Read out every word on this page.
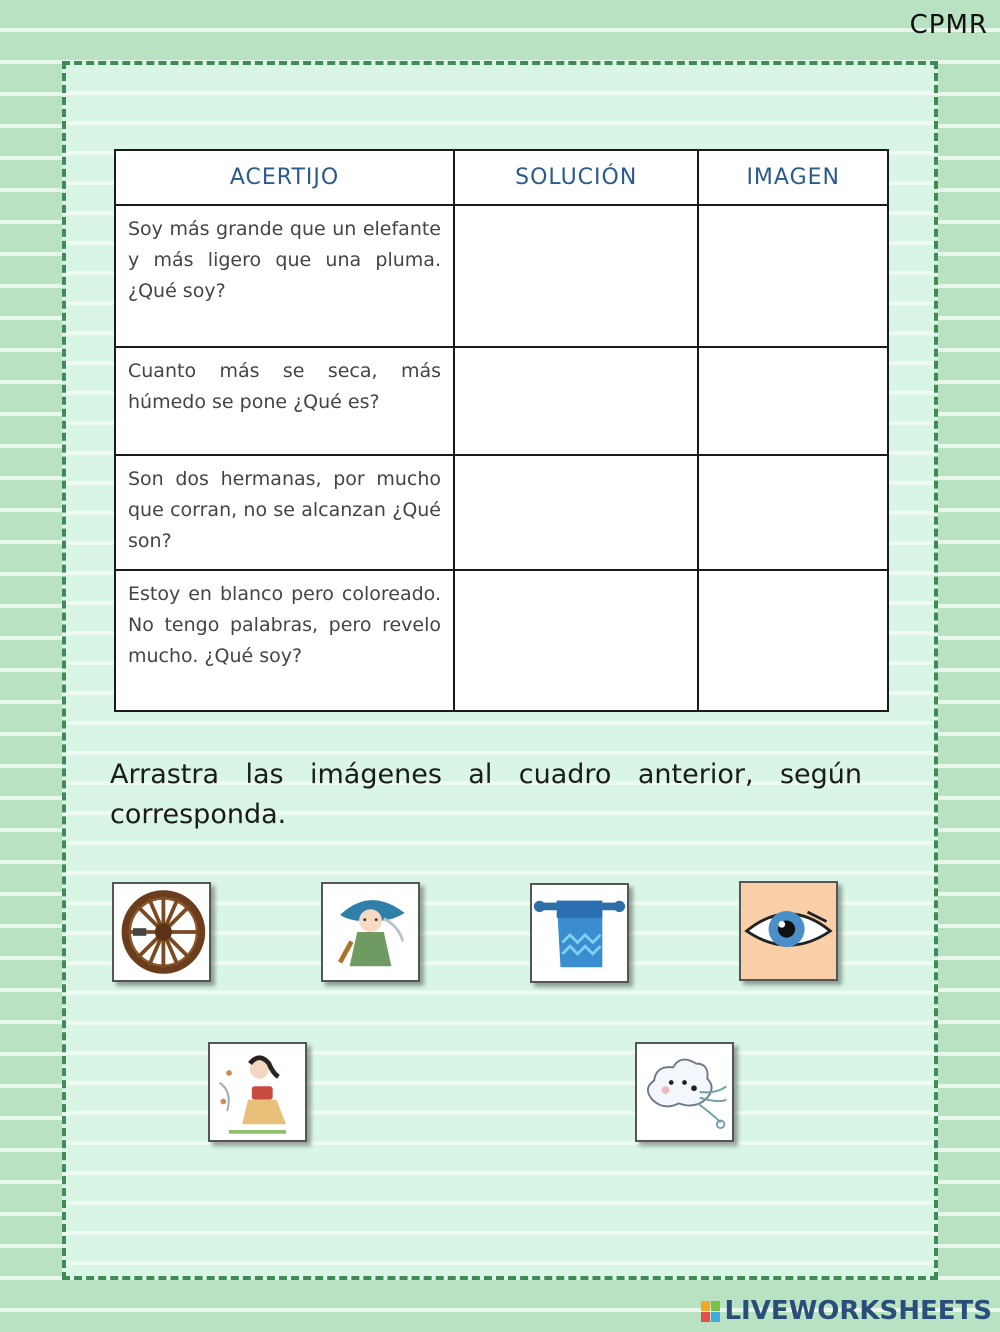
CPMR
ACERTIJO	SOLUCIÓN	IMAGEN
Soy más grande que un elefante y más ligero que una pluma. ¿Qué soy?		
Cuanto más se seca, más húmedo se pone ¿Qué es?		
Son dos hermanas, por mucho que corran, no se alcanzan ¿Qué son?		
Estoy en blanco pero coloreado. No tengo palabras, pero revelo mucho. ¿Qué soy?		
Arrastra las imágenes al cuadro anterior, según corresponda.
LIVEWORKSHEETS
